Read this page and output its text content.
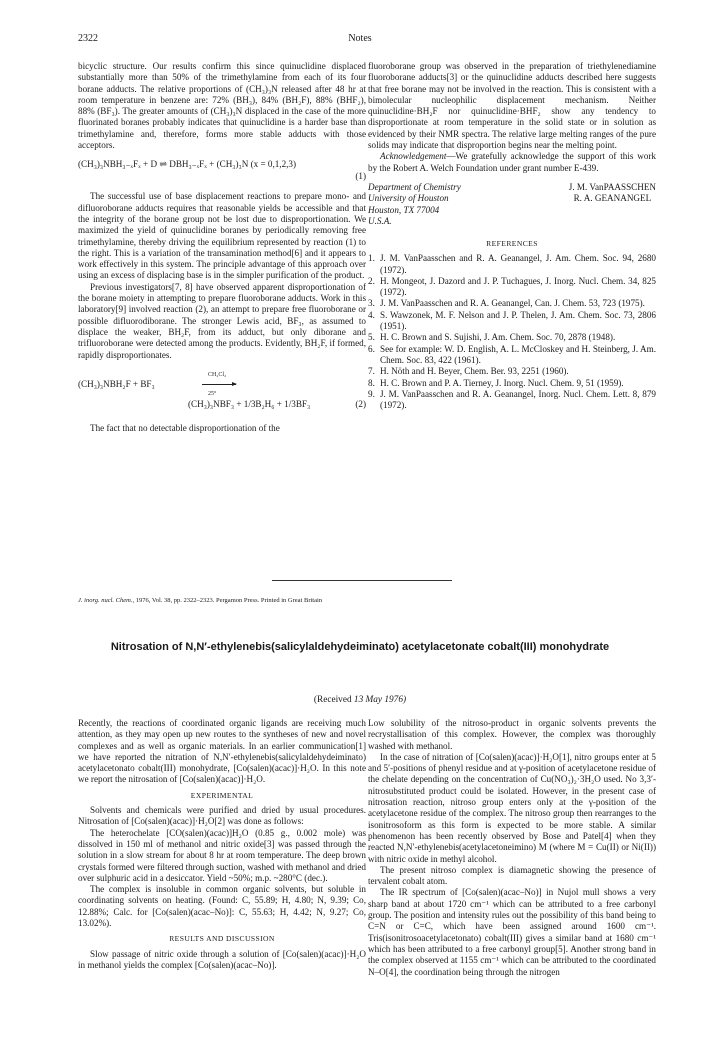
2322	Notes

bicyclic structure. Our results confirm this since quinuclidine displaced substantially more than 50% of the trimethylamine from each of its four borane adducts. The relative proportions of (CH₃)₃N released after 48 hr at room temperature in benzene are: 72% (BH₃), 84% (BH₂F), 88% (BHF₂), 88% (BF₃). The greater amounts of (CH₃)₃N displaced in the case of the more fluorinated boranes probably indicates that quinuclidine is a harder base than trimethylamine and, therefore, forms more stable adducts with those acceptors.

(CH₃)₃NBH₃₋ₓFₓ + D ⇌ DBH₃₋ₓFₓ + (CH₃)₃N (x = 0,1,2,3)
(1)

The successful use of base displacement reactions to prepare mono- and difluoroborane adducts requires that reasonable yields be accessible and that the integrity of the borane group not be lost due to disproportionation. We maximized the yield of quinuclidine boranes by periodically removing free trimethylamine, thereby driving the equilibrium represented by reaction (1) to the right. This is a variation of the transamination method[6] and it appears to work effectively in this system. The principle advantage of this approach over using an excess of displacing base is in the simpler purification of the product.

Previous investigators[7, 8] have observed apparent disproportionation of the borane moiety in attempting to prepare fluoroborane adducts. Work in this laboratory[9] involved reaction (2), an attempt to prepare free fluoroborane or possible difluorodiborane. The stronger Lewis acid, BF₃, as assumed to displace the weaker, BH₂F, from its adduct, but only diborane and trifluoroborane were detected among the products. Evidently, BH₂F, if formed, rapidly disproportionates.

(CH₃)₃NBH₂F + BF₃
CH₂Cl₂
25°
(CH₃)₃NBF₃ + 1/3B₂H₆ + 1/3BF₃	(2)

The fact that no detectable disproportionation of the

fluoroborane group was observed in the preparation of triethylenediamine fluoroborane adducts[3] or the quinuclidine adducts described here suggests that free borane may not be involved in the reaction. This is consistent with a bimolecular nucleophilic displacement mechanism. Neither quinuclidine·BH₂F nor quinuclidine·BHF₂ show any tendency to disproportionate at room temperature in the solid state or in solution as evidenced by their NMR spectra. The relative large melting ranges of the pure solids may indicate that disproportion begins near the melting point.

Acknowledgement—We gratefully acknowledge the support of this work by the Robert A. Welch Foundation under grant number E-439.

Department of Chemistry
University of Houston
Houston, TX 77004
U.S.A.
J. M. VanPAASSCHEN
R. A. GEANANGEL
REFERENCES
1. J. M. VanPaasschen and R. A. Geanangel, J. Am. Chem. Soc. 94, 2680 (1972).
2. H. Mongeot, J. Dazord and J. P. Tuchagues, J. Inorg. Nucl. Chem. 34, 825 (1972).
3. J. M. VanPaasschen and R. A. Geanangel, Can. J. Chem. 53, 723 (1975).
4. S. Wawzonek, M. F. Nelson and J. P. Thelen, J. Am. Chem. Soc. 73, 2806 (1951).
5. H. C. Brown and S. Sujishi, J. Am. Chem. Soc. 70, 2878 (1948).
6. See for example: W. D. English, A. L. McCloskey and H. Steinberg, J. Am. Chem. Soc. 83, 422 (1961).
7. H. Nöth and H. Beyer, Chem. Ber. 93, 2251 (1960).
8. H. C. Brown and P. A. Tierney, J. Inorg. Nucl. Chem. 9, 51 (1959).
9. J. M. VanPaasschen and R. A. Geanangel, Inorg. Nucl. Chem. Lett. 8, 879 (1972).
J. inorg. nucl. Chem., 1976, Vol. 38, pp. 2322–2323. Pergamon Press. Printed in Great Britain
Nitrosation of N,N′-ethylenebis(salicylaldehydeiminato) acetylacetonate cobalt(III) monohydrate
(Received 13 May 1976)

Recently, the reactions of coordinated organic ligands are receiving much attention, as they may open up new routes to the syntheses of new and novel complexes and as well as organic materials. In an earlier communication[1] we have reported the nitration of N,N′-ethylenebis(salicylaldehydeiminato) acetylacetonato cobalt(III) monohydrate, [Co(salen)(acac)]·H₂O. In this note we report the nitrosation of [Co(salen)(acac)]·H₂O.

EXPERIMENTAL

Solvents and chemicals were purified and dried by usual procedures. Nitrosation of [Co(salen)(acac)]·H₂O[2] was done as follows:

The heterochelate [CO(salen)(acac)]H₂O (0.85 g., 0.002 mole) was dissolved in 150 ml of methanol and nitric oxide[3] was passed through the solution in a slow stream for about 8 hr at room temperature. The deep brown crystals formed were filtered through suction, washed with methanol and dried over sulphuric acid in a desiccator. Yield ~50%; m.p. ~280°C (dec.).

The complex is insoluble in common organic solvents, but soluble in coordinating solvents on heating. (Found: C, 55.89; H, 4.80; N, 9.39; Co, 12.88%; Calc. for [Co(salen)(acac–No)]: C, 55.63; H, 4.42; N, 9.27; Co, 13.02%).

RESULTS AND DISCUSSION

Slow passage of nitric oxide through a solution of [Co(salen)(acac)]·H₂O in methanol yields the complex [Co(salen)(acac–No)].

Low solubility of the nitroso-product in organic solvents prevents the recrystallisation of this complex. However, the complex was thoroughly washed with methanol.

In the case of nitration of [Co(salen)(acac)]·H₂O[1], nitro groups enter at 5 and 5′-positions of phenyl residue and at γ-position of acetylacetone residue of the chelate depending on the concentration of Cu(NO₃)₂·3H₂O used. No 3,3′-nitrosubstituted product could be isolated. However, in the present case of nitrosation reaction, nitroso group enters only at the γ-position of the acetylacetone residue of the complex. The nitroso group then rearranges to the isonitrosoform as this form is expected to be more stable. A similar phenomenon has been recently observed by Bose and Patel[4] when they reacted N,N′-ethylenebis(acetylacetoneimino) M (where M = Cu(II) or Ni(II)) with nitric oxide in methyl alcohol.

The present nitroso complex is diamagnetic showing the presence of tervalent cobalt atom.

The IR spectrum of [Co(salen)(acac–No)] in Nujol mull shows a very sharp band at about 1720 cm⁻¹ which can be attributed to a free carbonyl group. The position and intensity rules out the possibility of this band being to C=N or C=C, which have been assigned around 1600 cm⁻¹. Tris(isonitrosoacetylacetonato) cobalt(III) gives a similar band at 1680 cm⁻¹ which has been attributed to a free carbonyl group[5]. Another strong band in the complex observed at 1155 cm⁻¹ which can be attributed to the coordinated N–O[4], the coordination being through the nitrogen
